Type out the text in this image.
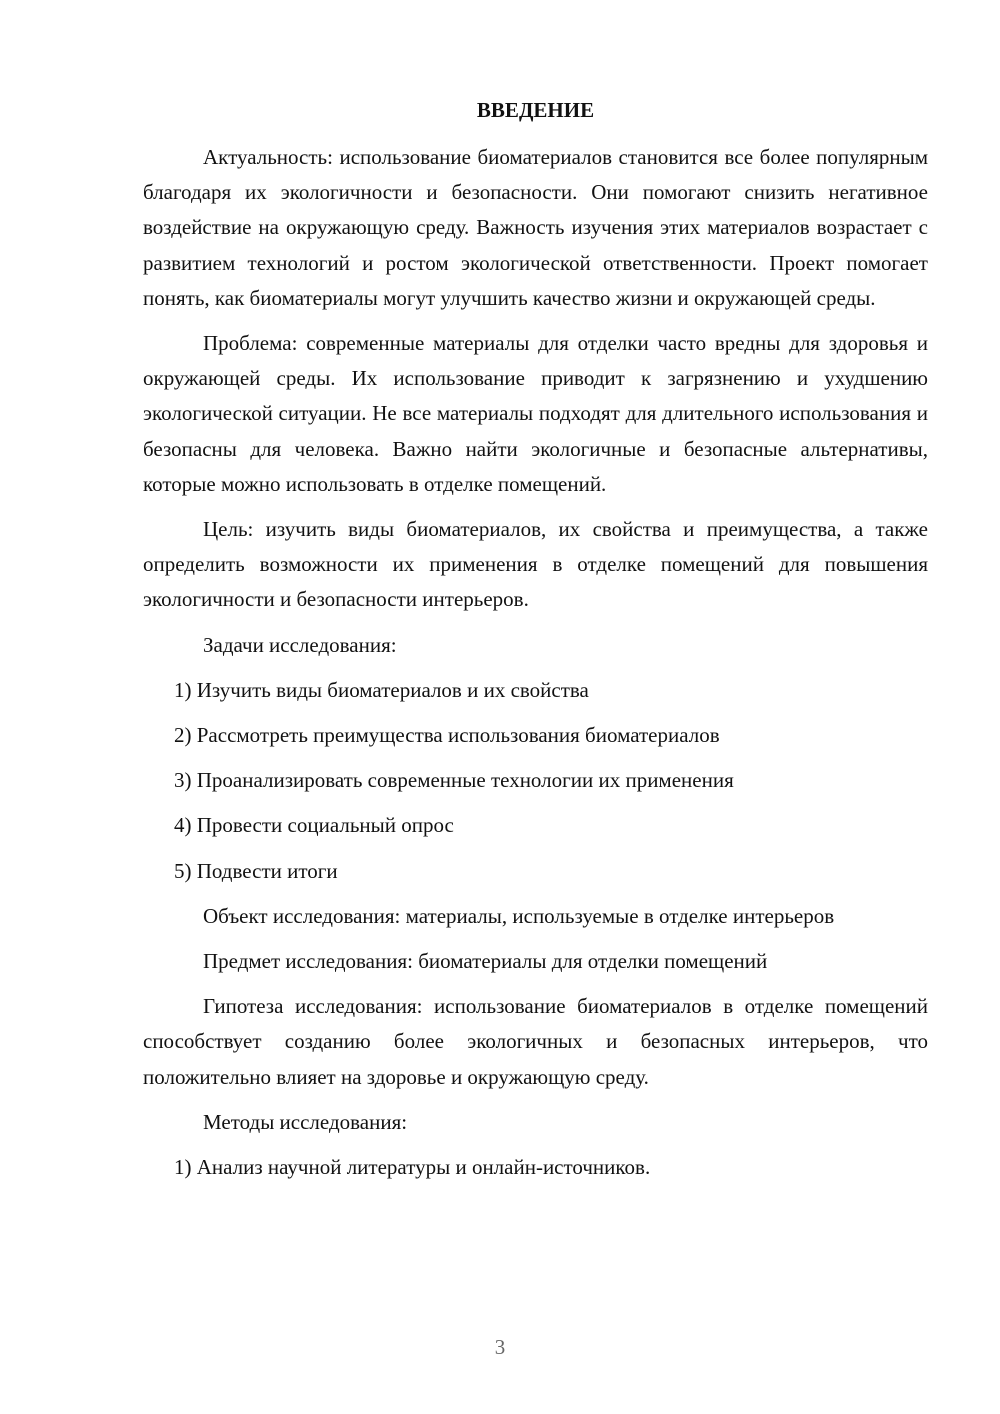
ВВЕДЕНИЕ

Актуальность: использование биоматериалов становится все более популярным благодаря их экологичности и безопасности. Они помогают снизить негативное воздействие на окружающую среду. Важность изучения этих материалов возрастает с развитием технологий и ростом экологической ответственности. Проект помогает понять, как биоматериалы могут улучшить качество жизни и окружающей среды.

Проблема: современные материалы для отделки часто вредны для здоровья и окружающей среды. Их использование приводит к загрязнению и ухудшению экологической ситуации. Не все материалы подходят для длительного использования и безопасны для человека. Важно найти экологичные и безопасные альтернативы, которые можно использовать в отделке помещений.

Цель: изучить виды биоматериалов, их свойства и преимущества, а также определить возможности их применения в отделке помещений для повышения экологичности и безопасности интерьеров.

Задачи исследования:
1) Изучить виды биоматериалов и их свойства
2) Рассмотреть преимущества использования биоматериалов
3) Проанализировать современные технологии их применения
4) Провести социальный опрос
5) Подвести итоги

Объект исследования: материалы, используемые в отделке интерьеров

Предмет исследования: биоматериалы для отделки помещений

Гипотеза исследования: использование биоматериалов в отделке помещений способствует созданию более экологичных и безопасных интерьеров, что положительно влияет на здоровье и окружающую среду.

Методы исследования:
1) Анализ научной литературы и онлайн-источников.
3
